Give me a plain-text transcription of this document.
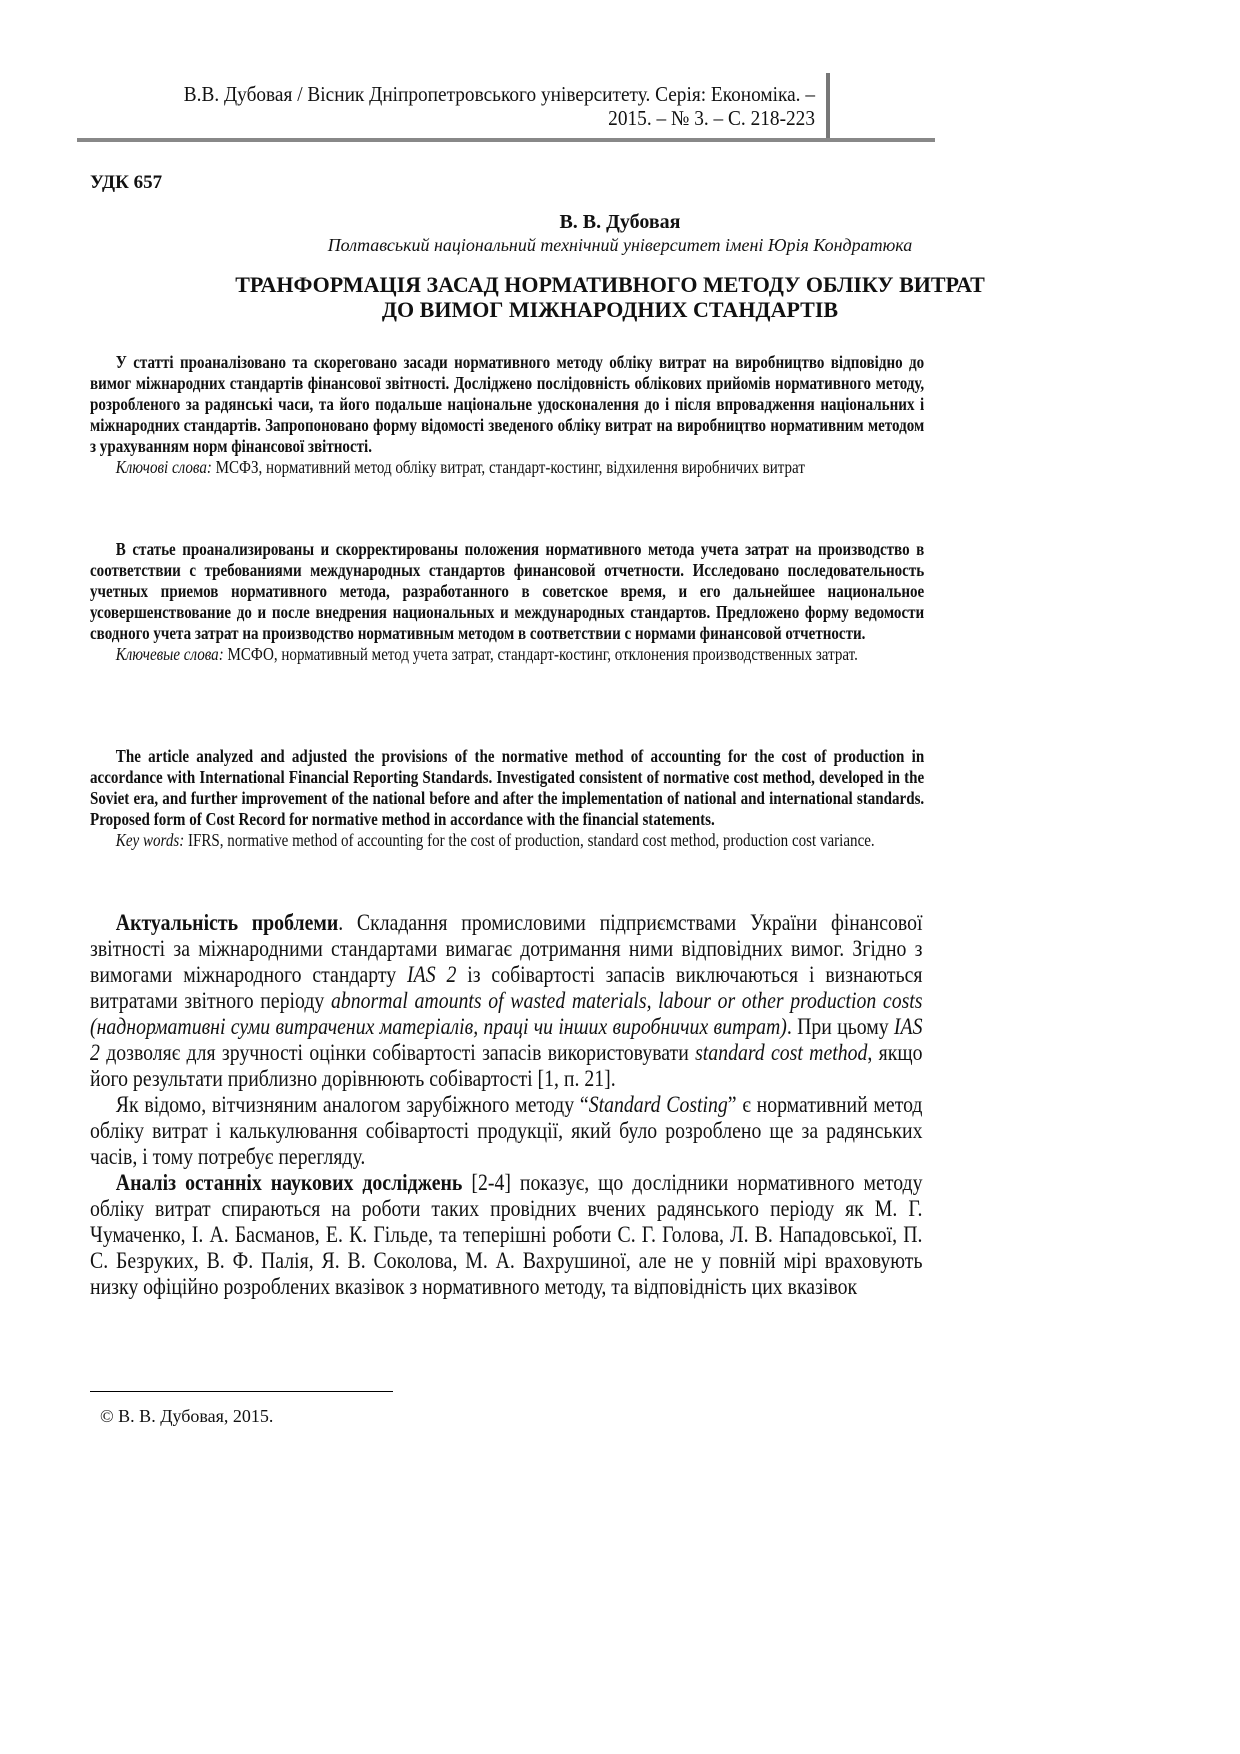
В.В. Дубовая / Вісник Дніпропетровського університету. Серія: Економіка. –
2015. – № 3. – С. 218-223
УДК 657
В. В. Дубовая
Полтавський національний технічний університет імені Юрія Кондратюка
ТРАНФОРМАЦІЯ ЗАСАД НОРМАТИВНОГО МЕТОДУ ОБЛІКУ ВИТРАТ
ДО ВИМОГ МІЖНАРОДНИХ СТАНДАРТІВ

У статті проаналізовано та скореговано засади нормативного методу обліку витрат на виробництво відповідно до вимог міжнародних стандартів фінансової звітності. Досліджено послідовність облікових прийомів нормативного методу, розробленого за радянські часи, та його подальше національне удосконалення до і після впровадження національних і міжнародних стандартів. Запропоновано форму відомості зведеного обліку витрат на виробництво нормативним методом з урахуванням норм фінансової звітності.

Ключові слова: МСФЗ, нормативний метод обліку витрат, стандарт-костинг, відхилення виробничих витрат

В статье проанализированы и скорректированы положения нормативного метода учета затрат на производство в соответствии с требованиями международных стандартов финансовой отчетности. Исследовано последовательность учетных приемов нормативного метода, разработанного в советское время, и его дальнейшее национальное усовершенствование до и после внедрения национальных и международных стандартов. Предложено форму ведомости сводного учета затрат на производство нормативным методом в соответствии с нормами финансовой отчетности.

Ключевые слова: МСФО, нормативный метод учета затрат, стандарт-костинг, отклонения производственных затрат.

The article analyzed and adjusted the provisions of the normative method of accounting for the cost of production in accordance with International Financial Reporting Standards. Investigated consistent of normative cost method, developed in the Soviet era, and further improvement of the national before and after the implementation of national and international standards. Proposed form of Cost Record for normative method in accordance with the financial statements.

Key words: IFRS, normative method of accounting for the cost of production, standard cost method, production cost variance.

Актуальність проблеми. Складання промисловими підприємствами України фінансової звітності за міжнародними стандартами вимагає дотримання ними відповідних вимог. Згідно з вимогами міжнародного стандарту IAS 2 із собівартості запасів виключаються і визнаються витратами звітного періоду abnormal amounts of wasted materials, labour or other production costs (наднормативні суми витрачених матеріалів, праці чи інших виробничих витрат). При цьому IAS 2 дозволяє для зручності оцінки собівартості запасів використовувати standard cost method, якщо його результати приблизно дорівнюють собівартості [1, п. 21].

Як відомо, вітчизняним аналогом зарубіжного методу “Standard Costing” є нормативний метод обліку витрат і калькулювання собівартості продукції, який було розроблено ще за радянських часів, і тому потребує перегляду.

Аналіз останніх наукових досліджень [2-4] показує, що дослідники нормативного методу обліку витрат спираються на роботи таких провідних вчених радянського періоду як М. Г. Чумаченко, І. А. Басманов, Е. К. Гільде, та теперішні роботи С. Г. Голова, Л. В. Нападовської, П. С. Безруких, В. Ф. Палія, Я. В. Соколова, М. А. Вахрушиної, але не у повній мірі враховують низку офіційно розроблених вказівок з нормативного методу, та відповідність цих вказівок

© В. В. Дубовая, 2015.
